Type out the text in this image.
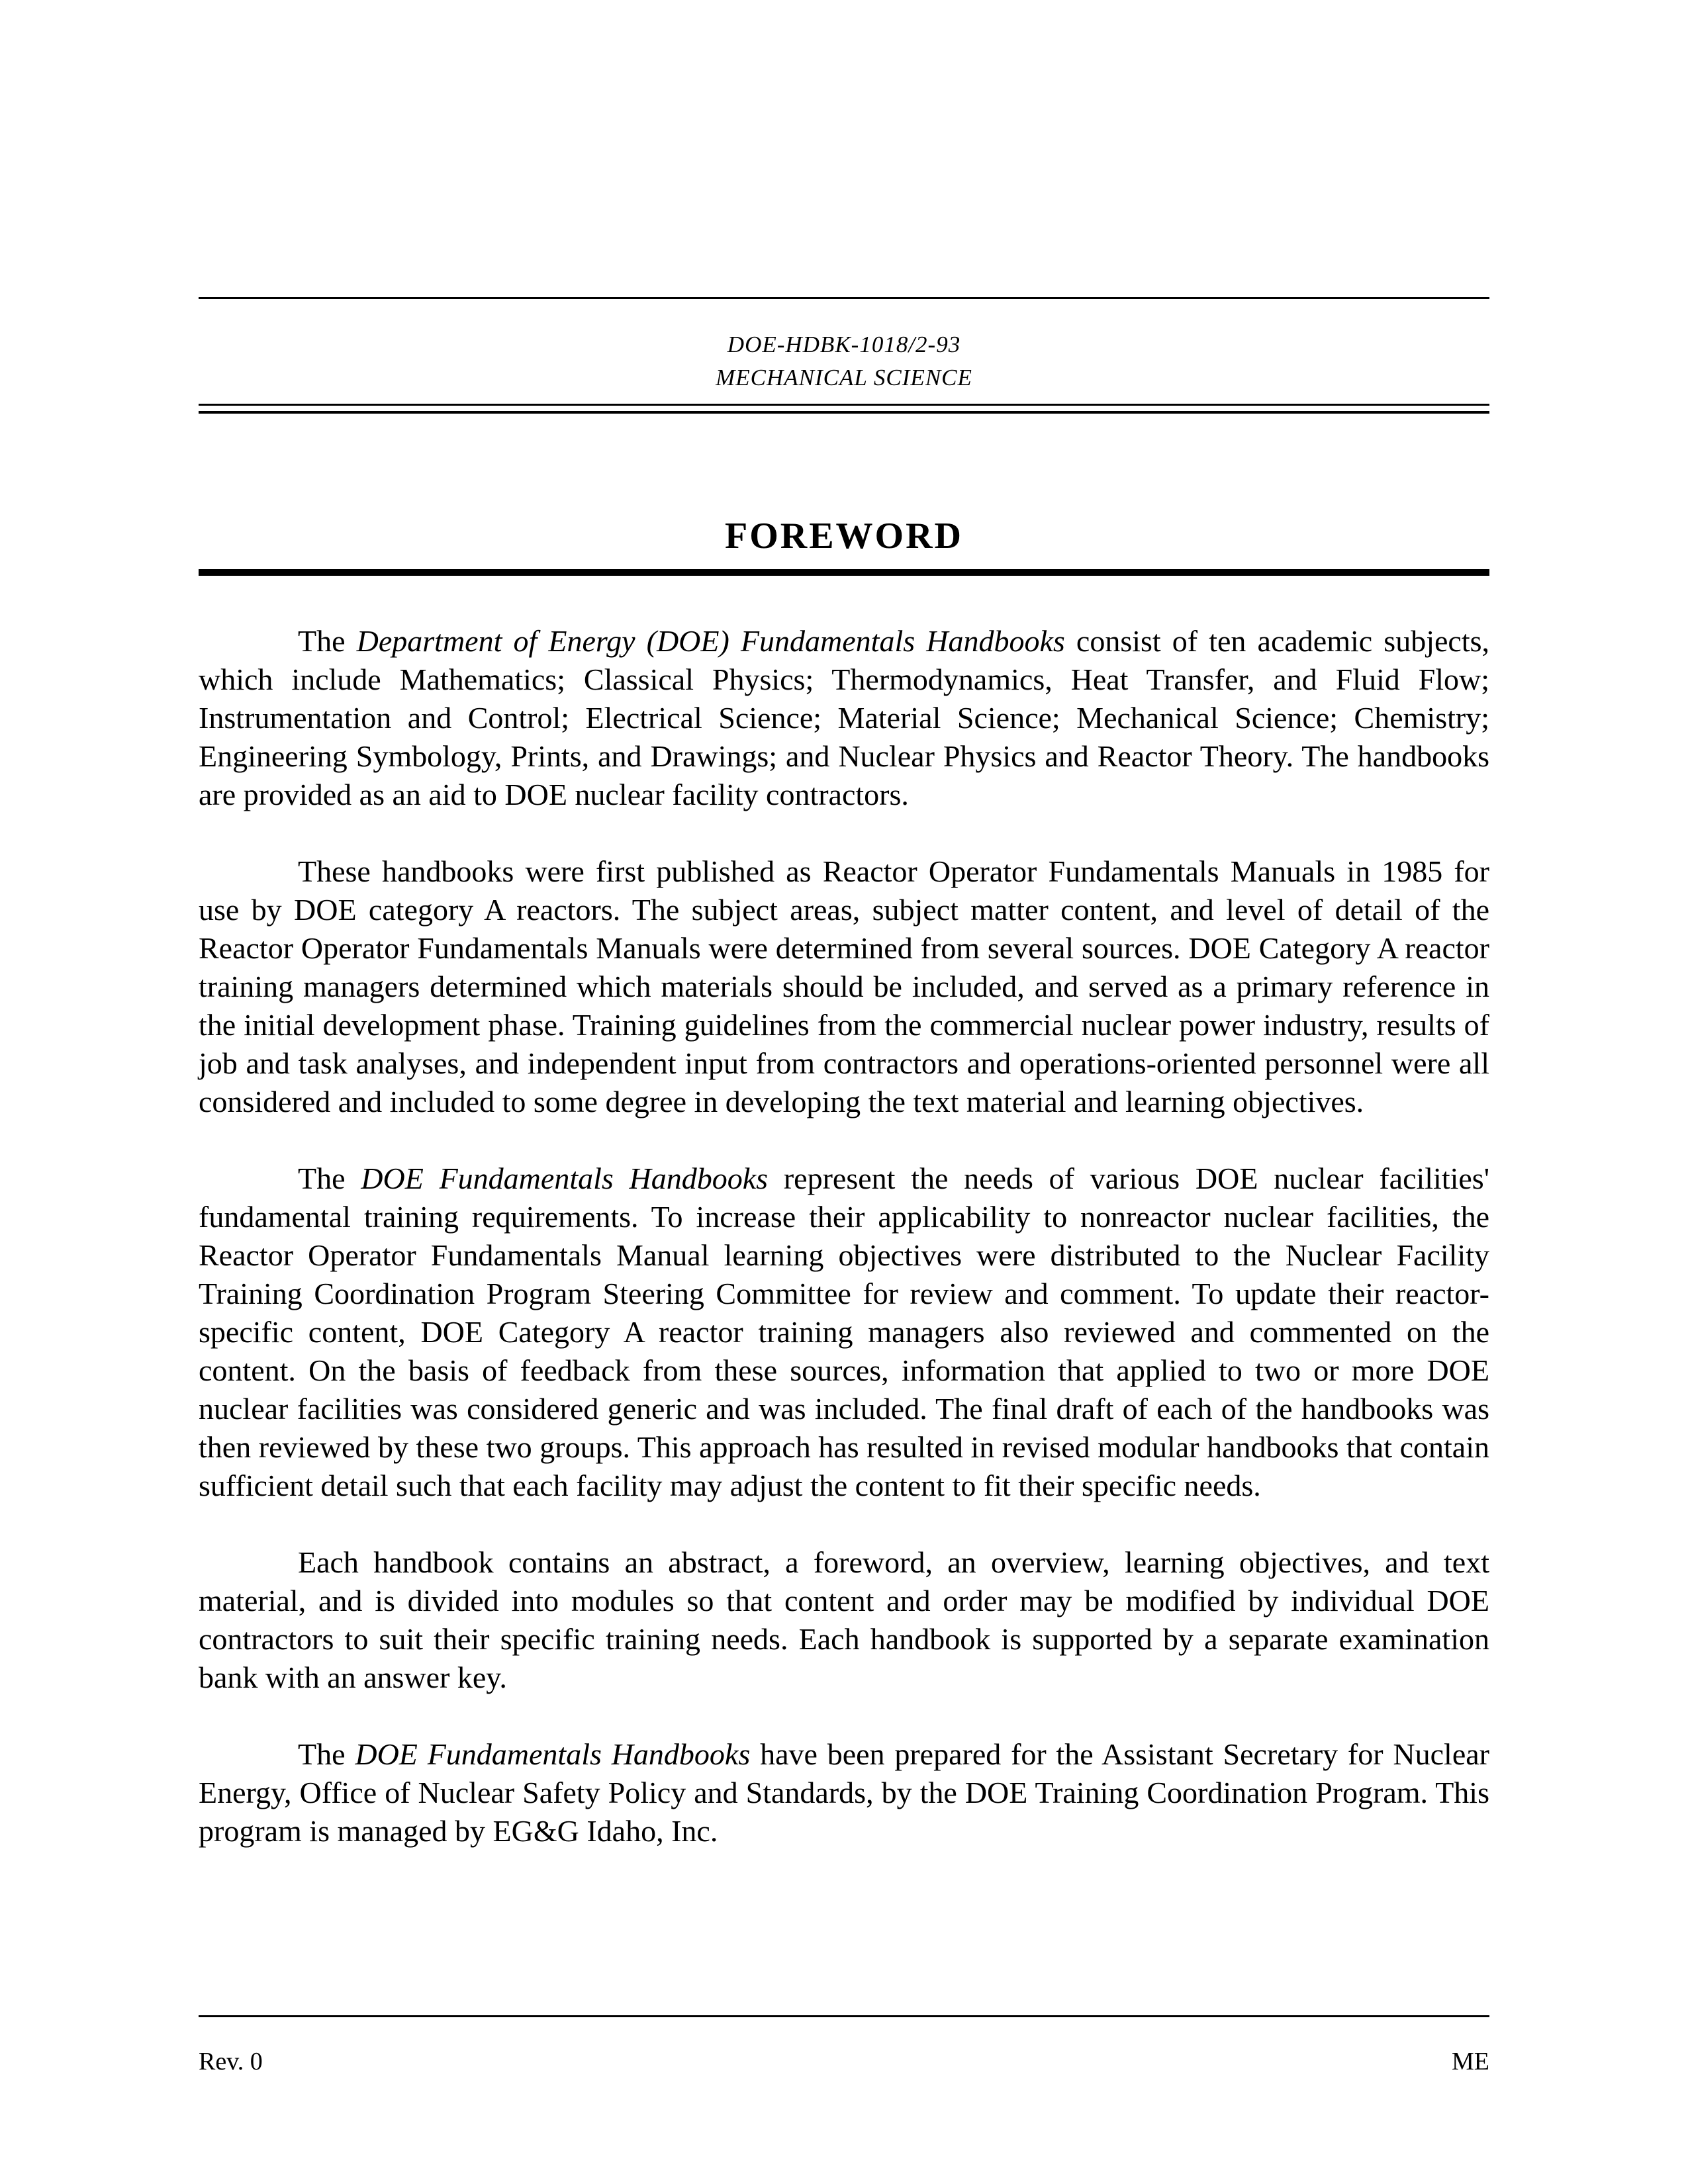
DOE-HDBK-1018/2-93
MECHANICAL SCIENCE
FOREWORD

The Department of Energy (DOE) Fundamentals Handbooks consist of ten academic subjects, which include Mathematics; Classical Physics; Thermodynamics, Heat Transfer, and Fluid Flow; Instrumentation and Control; Electrical Science; Material Science; Mechanical Science; Chemistry; Engineering Symbology, Prints, and Drawings; and Nuclear Physics and Reactor Theory. The handbooks are provided as an aid to DOE nuclear facility contractors.

These handbooks were first published as Reactor Operator Fundamentals Manuals in 1985 for use by DOE category A reactors. The subject areas, subject matter content, and level of detail of the Reactor Operator Fundamentals Manuals were determined from several sources. DOE Category A reactor training managers determined which materials should be included, and served as a primary reference in the initial development phase. Training guidelines from the commercial nuclear power industry, results of job and task analyses, and independent input from contractors and operations-oriented personnel were all considered and included to some degree in developing the text material and learning objectives.

The DOE Fundamentals Handbooks represent the needs of various DOE nuclear facilities' fundamental training requirements. To increase their applicability to nonreactor nuclear facilities, the Reactor Operator Fundamentals Manual learning objectives were distributed to the Nuclear Facility Training Coordination Program Steering Committee for review and comment. To update their reactor-specific content, DOE Category A reactor training managers also reviewed and commented on the content. On the basis of feedback from these sources, information that applied to two or more DOE nuclear facilities was considered generic and was included. The final draft of each of the handbooks was then reviewed by these two groups. This approach has resulted in revised modular handbooks that contain sufficient detail such that each facility may adjust the content to fit their specific needs.

Each handbook contains an abstract, a foreword, an overview, learning objectives, and text material, and is divided into modules so that content and order may be modified by individual DOE contractors to suit their specific training needs. Each handbook is supported by a separate examination bank with an answer key.

The DOE Fundamentals Handbooks have been prepared for the Assistant Secretary for Nuclear Energy, Office of Nuclear Safety Policy and Standards, by the DOE Training Coordination Program. This program is managed by EG&G Idaho, Inc.

Rev. 0	ME
